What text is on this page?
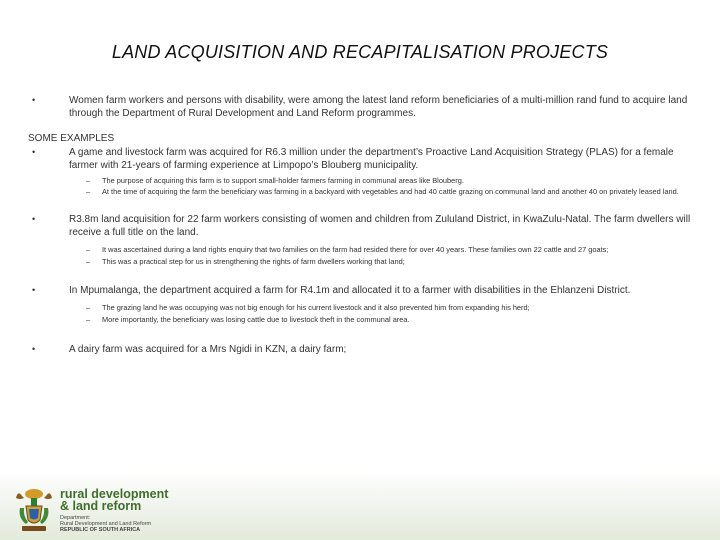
LAND ACQUISITION AND RECAPITALISATION PROJECTS
•	Women farm workers and persons with disability, were among the latest land reform beneficiaries of a multi-million rand fund to acquire land through the Department of Rural Development and Land Reform programmes.
SOME EXAMPLES
•	A game and livestock farm was acquired for R6.3 million under the department’s Proactive Land Acquisition Strategy (PLAS) for a female farmer with 21-years of farming experience at Limpopo’s Blouberg municipality.
– The purpose of acquiring this farm is to support small-holder farmers farming in communal areas like Blouberg.
– At the time of acquiring the farm the beneficiary was farming in a backyard with vegetables and had 40 cattle grazing on communal land and another 40 on privately leased land.
•	R3.8m land acquisition for 22 farm workers consisting of women and children from Zululand District, in KwaZulu-Natal. The farm dwellers will receive a full title on the land.
– It was ascertained during a land rights enquiry that two families on the farm had resided there for over 40 years. These families own 22 cattle and 27 goats;
– This was a practical step for us in strengthening the rights of farm dwellers working that land;
•	In Mpumalanga, the department acquired a farm for R4.1m and allocated it to a farmer with disabilities in the Ehlanzeni District.
– The grazing land he was occupying was not big enough for his current livestock and it also prevented him from expanding his herd;
– More importantly, the beneficiary was losing cattle due to livestock theft in the communal area.
•	A dairy farm was acquired for a Mrs Ngidi in KZN, a dairy farm;
rural development
& land reform
Department:
Rural Development and Land Reform
REPUBLIC OF SOUTH AFRICA
